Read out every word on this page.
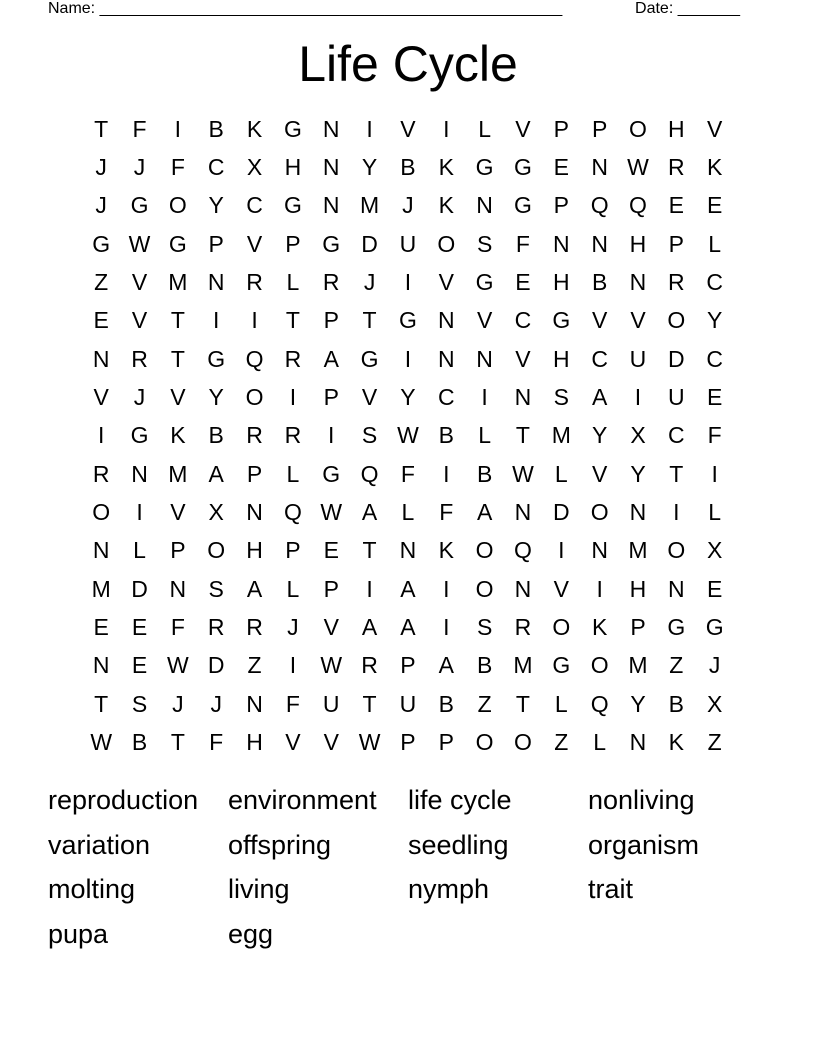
Name: ____________________________________________________	Date: _______
Life Cycle
T	F	I	B	K G N	I	V	I	L	V	P	P O H V
J	J	F	C X H N Y	B	K G G E N W R K
J	G O Y C G N M	J	K N G P Q Q E	E
G W G P	V	P G D U O S	F	N N H P	L
Z	V M N R	L	R	J	I	V G E H B N R C
E	V	T	I	I	T	P	T G N V C G V	V O Y
N R	T G Q R A G	I	N N V H C U D C
V	J	V	Y O	I	P	V	Y C	I	N S	A	I	U E
I	G K	B R R	I	S W B	L	T M Y	X C	F
R N M A	P	L	G Q F	I	B W L	V	Y	T	I
O	I	V	X N Q W A	L	F	A N D O N	I	L
N	L	P O H P	E	T	N K O Q	I	N M O X
M D N S	A	L	P	I	A	I	O N V	I	H N E
E	E	F	R R	J	V	A	A	I	S R O K	P G G
N E W D	Z	I	W R P	A	B M G O M Z	J
T	S	J	J	N	F	U	T	U B	Z	T	L	Q Y	B	X
W B	T	F	H V	V W P	P O O Z	L	N K	Z
reproduction	environment	life cycle	nonliving
variation	offspring	seedling	organism
molting	living	nymph	trait
pupa	egg
